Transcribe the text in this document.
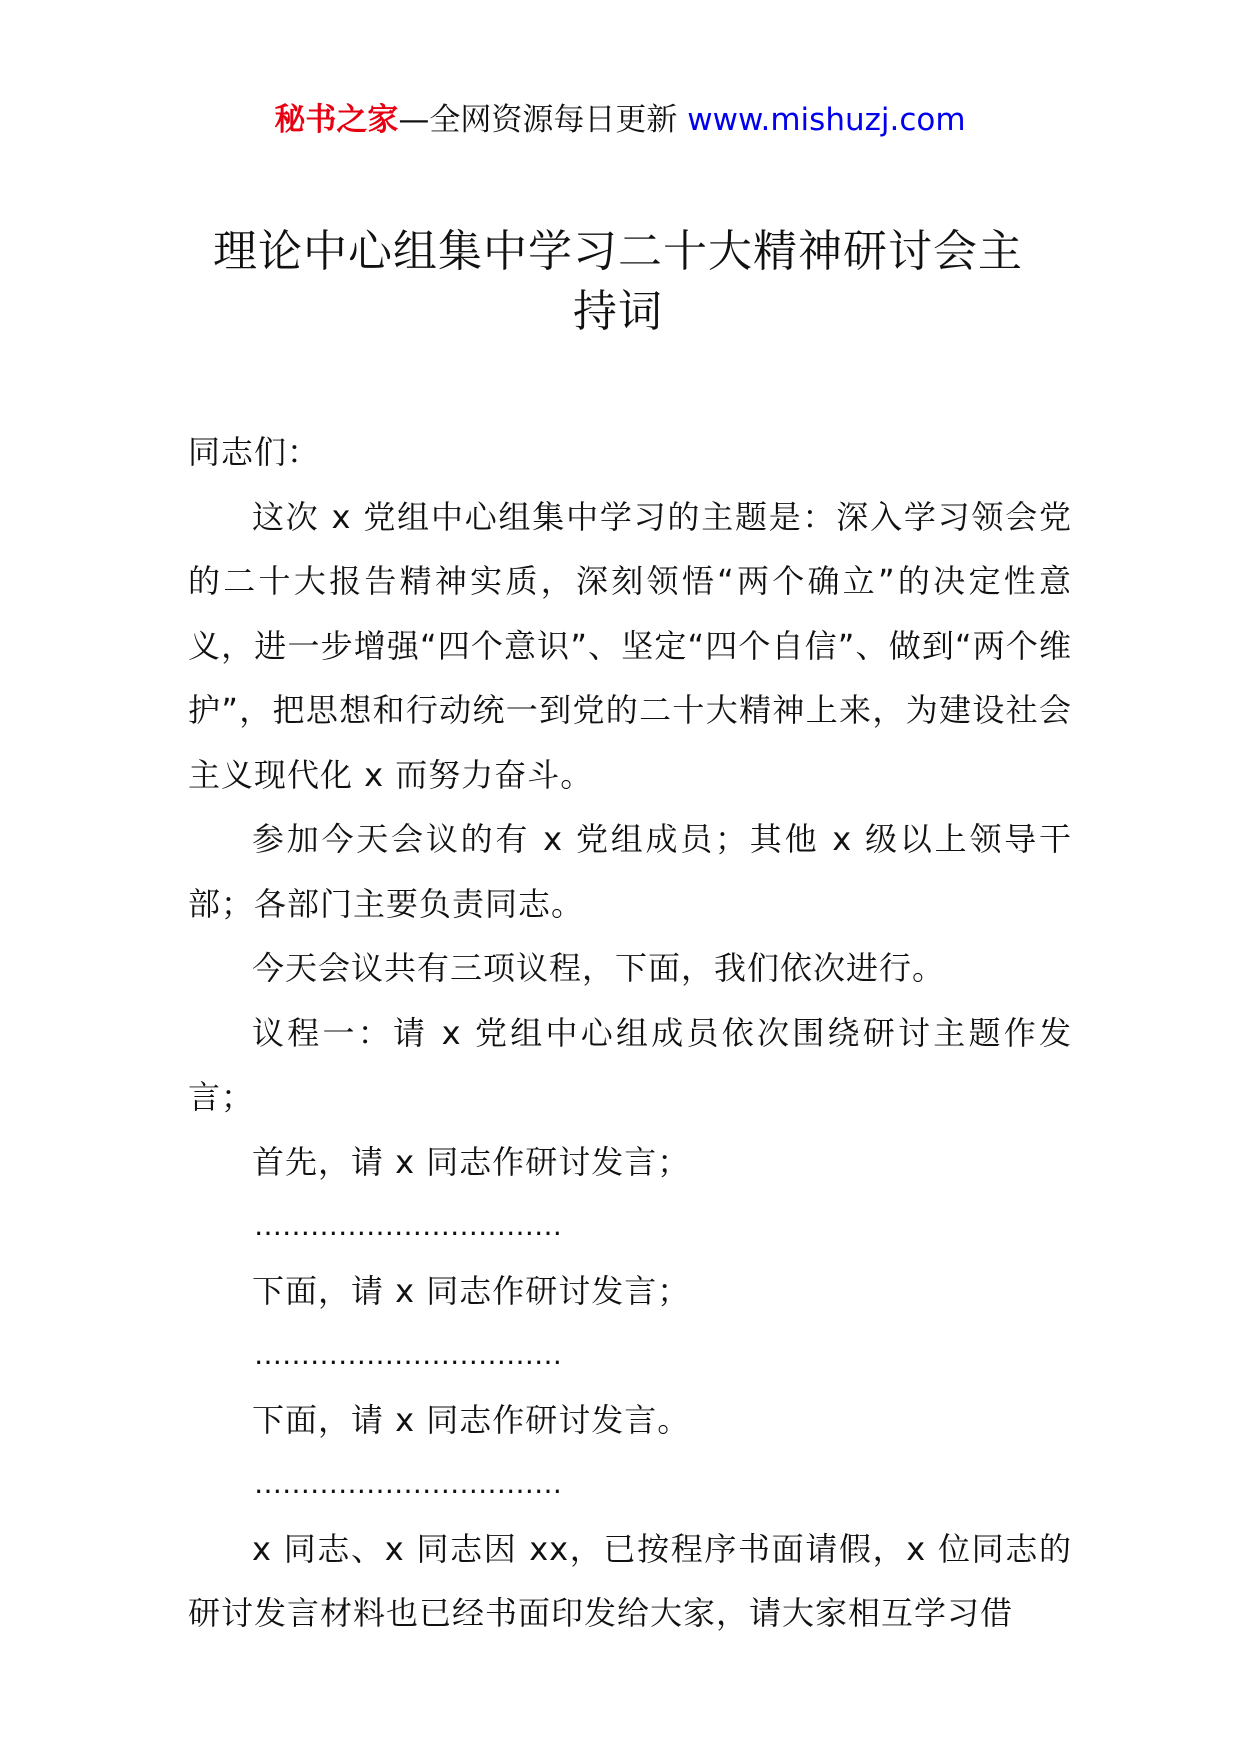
秘书之家—全网资源每日更新 www.mishuzj.com
理论中心组集中学习二十大精神研讨会主
持词

同志们：

这次 x 党组中心组集中学习的主题是：深入学习领会党的二十大报告精神实质，深刻领悟“两个确立”的决定性意义，进一步增强“四个意识”、坚定“四个自信”、做到“两个维护”，把思想和行动统一到党的二十大精神上来，为建设社会主义现代化 x 而努力奋斗。

参加今天会议的有 x 党组成员；其他 x 级以上领导干部；各部门主要负责同志。

今天会议共有三项议程，下面，我们依次进行。

议程一：请 x 党组中心组成员依次围绕研讨主题作发言；

首先，请 x 同志作研讨发言；

……………………………

下面，请 x 同志作研讨发言；

……………………………

下面，请 x 同志作研讨发言。

……………………………

x 同志、x 同志因 xx，已按程序书面请假，x 位同志的研讨发言材料也已经书面印发给大家，请大家相互学习借
